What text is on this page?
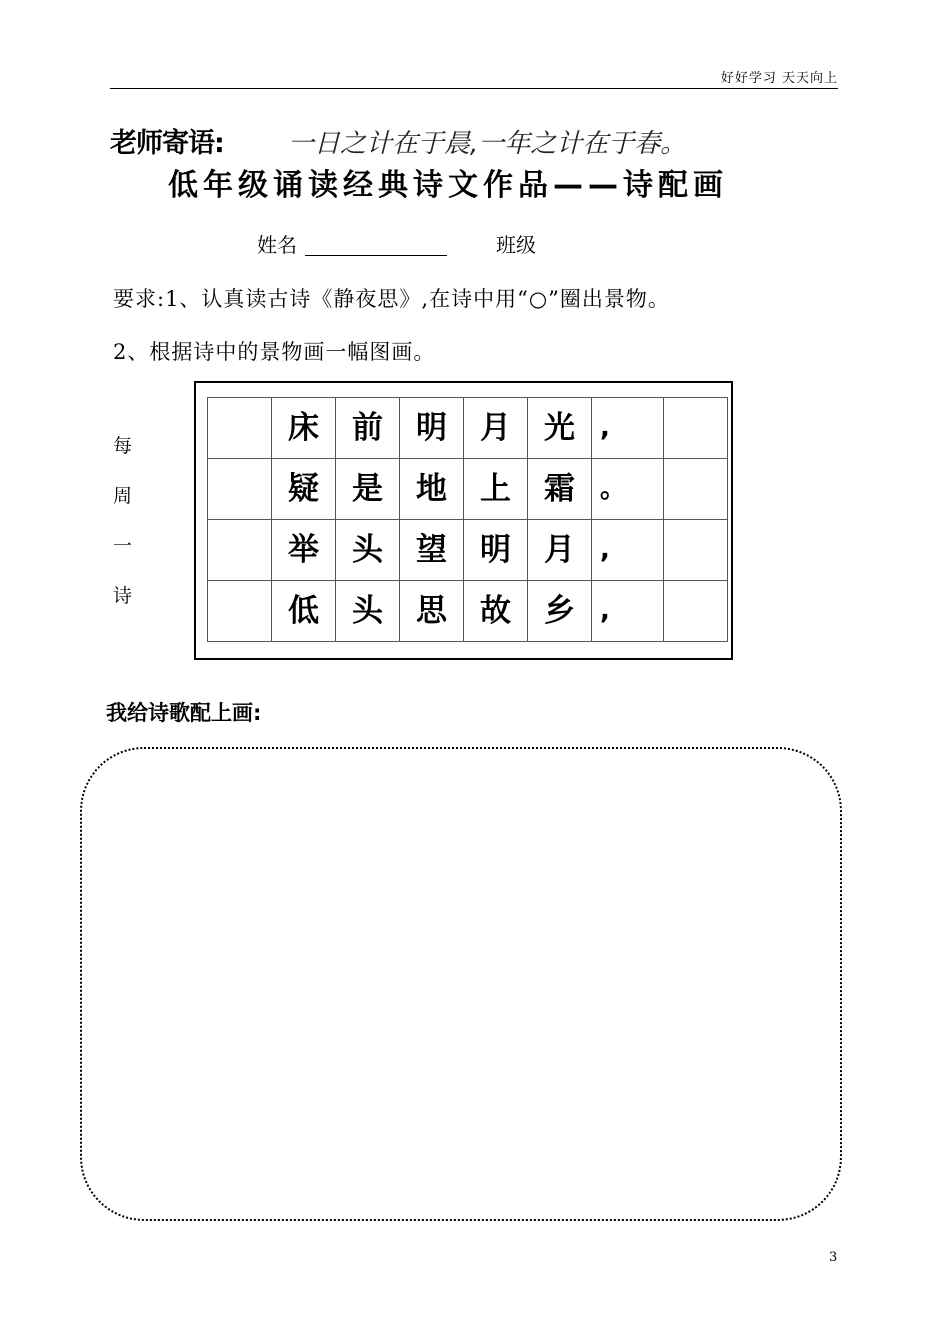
好好学习 天天向上
老师寄语: 一日之计在于晨,一年之计在于春。
低年级诵读经典诗文作品——诗配画
姓名	班级
要求:1、认真读古诗《静夜思》,在诗中用“○”圈出景物。
2、根据诗中的景物画一幅图画。
每
周
一
诗
	床	前	明	月	光	,	
	疑	是	地	上	霜	。	
	举	头	望	明	月	,	
	低	头	思	故	乡	,	
我给诗歌配上画:
3
